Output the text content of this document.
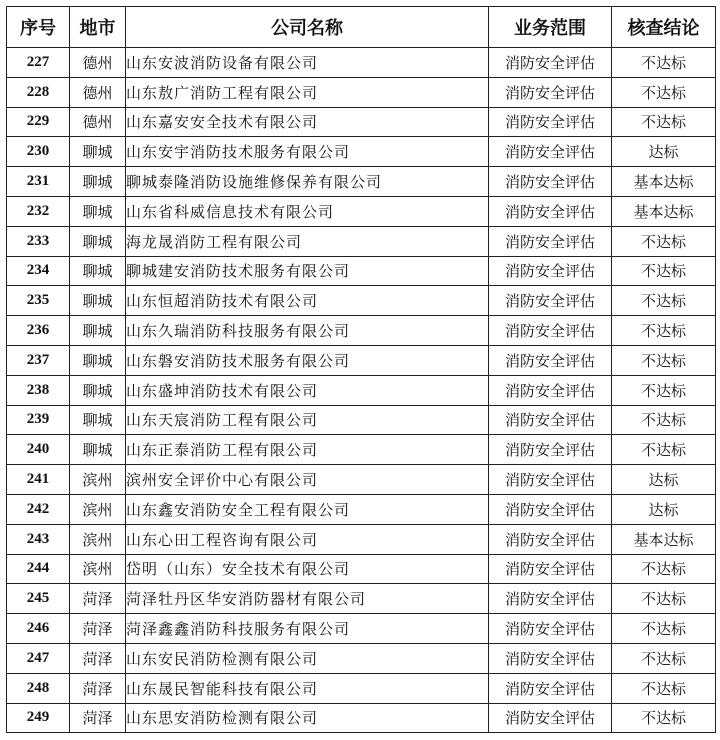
序号	地市	公司名称	业务范围	核查结论
227	德州	山东安波消防设备有限公司	消防安全评估	不达标
228	德州	山东敖广消防工程有限公司	消防安全评估	不达标
229	德州	山东嘉安安全技术有限公司	消防安全评估	不达标
230	聊城	山东安宇消防技术服务有限公司	消防安全评估	达标
231	聊城	聊城泰隆消防设施维修保养有限公司	消防安全评估	基本达标
232	聊城	山东省科威信息技术有限公司	消防安全评估	基本达标
233	聊城	海龙晟消防工程有限公司	消防安全评估	不达标
234	聊城	聊城建安消防技术服务有限公司	消防安全评估	不达标
235	聊城	山东恒超消防技术有限公司	消防安全评估	不达标
236	聊城	山东久瑞消防科技服务有限公司	消防安全评估	不达标
237	聊城	山东磐安消防技术服务有限公司	消防安全评估	不达标
238	聊城	山东盛坤消防技术有限公司	消防安全评估	不达标
239	聊城	山东天宸消防工程有限公司	消防安全评估	不达标
240	聊城	山东正泰消防工程有限公司	消防安全评估	不达标
241	滨州	滨州安全评价中心有限公司	消防安全评估	达标
242	滨州	山东鑫安消防安全工程有限公司	消防安全评估	达标
243	滨州	山东心田工程咨询有限公司	消防安全评估	基本达标
244	滨州	岱明（山东）安全技术有限公司	消防安全评估	不达标
245	菏泽	菏泽牡丹区华安消防器材有限公司	消防安全评估	不达标
246	菏泽	菏泽鑫鑫消防科技服务有限公司	消防安全评估	不达标
247	菏泽	山东安民消防检测有限公司	消防安全评估	不达标
248	菏泽	山东晟民智能科技有限公司	消防安全评估	不达标
249	菏泽	山东思安消防检测有限公司	消防安全评估	不达标
